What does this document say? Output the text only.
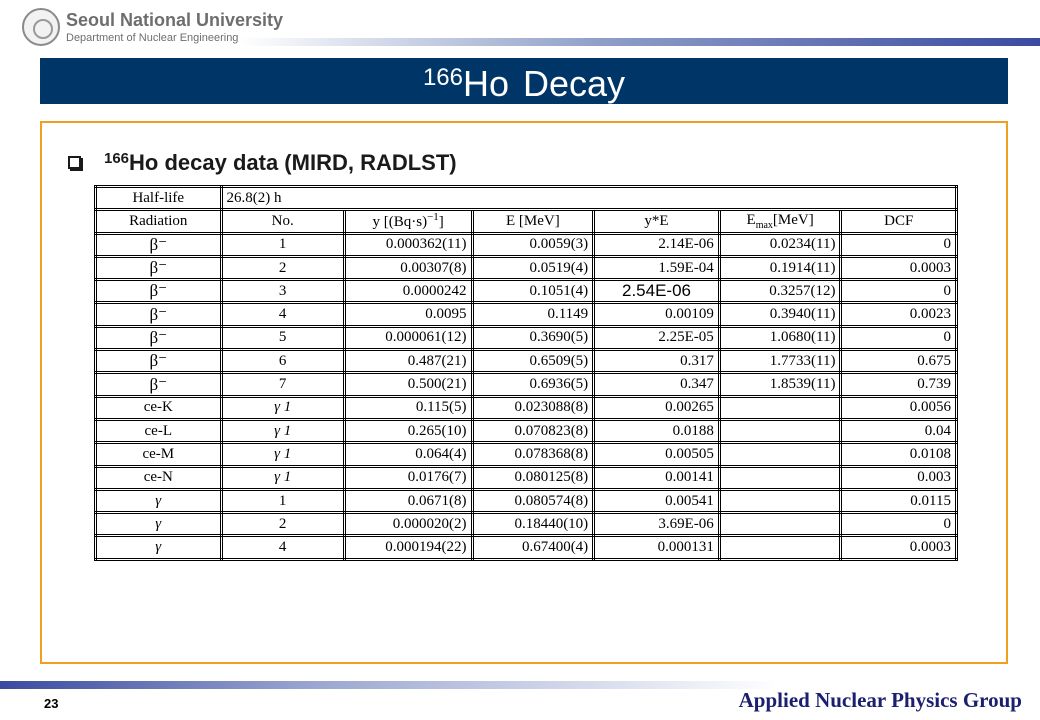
Seoul National University
Department of Nuclear Engineering
$^{166}$Ho Decay
$^{166}$Ho decay data (MIRD, RADLST)
Half-life	26.8(2) h					
Radiation	No.	y $[(Bq\cdot s)^{-1}]$	E [MeV]	y*E	$E_{max}[MeV]$	DCF
β⁻	1	0.000362(11)	0.0059(3)	2.14E-06	0.0234(11)	0
β⁻	2	0.00307(8)	0.0519(4)	1.59E-04	0.1914(11)	0.0003
β⁻	3	0.0000242	0.1051(4)	2.54E-06	0.3257(12)	0
β⁻	4	0.0095	0.1149	0.00109	0.3940(11)	0.0023
β⁻	5	0.000061(12)	0.3690(5)	2.25E-05	1.0680(11)	0
β⁻	6	0.487(21)	0.6509(5)	0.317	1.7733(11)	0.675
β⁻	7	0.500(21)	0.6936(5)	0.347	1.8539(11)	0.739
ce-K	γ 1	0.115(5)	0.023088(8)	0.00265		0.0056
ce-L	γ 1	0.265(10)	0.070823(8)	0.0188		0.04
ce-M	γ 1	0.064(4)	0.078368(8)	0.00505		0.0108
ce-N	γ 1	0.0176(7)	0.080125(8)	0.00141		0.003
γ	1	0.0671(8)	0.080574(8)	0.00541		0.0115
γ	2	0.000020(2)	0.18440(10)	3.69E-06		0
γ	4	0.000194(22)	0.67400(4)	0.000131		0.0003
23	Applied Nuclear Physics Group
